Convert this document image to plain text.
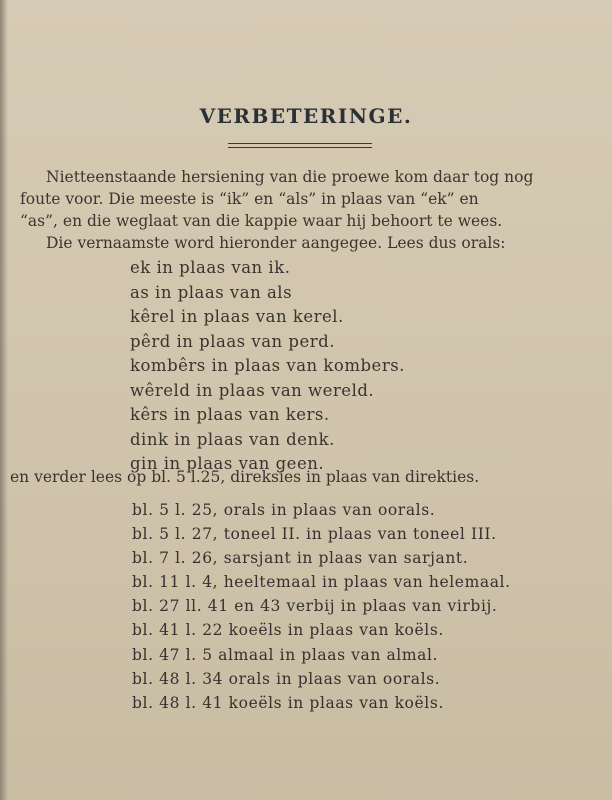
VERBETERINGE.
Nietteenstaande hersiening van die proewe kom daar tog nog
foute voor. Die meeste is “ik” en “als” in plaas van “ek” en
“as”, en die weglaat van die kappie waar hij behoort te wees.
Die vernaamste word hieronder aangegee. Lees dus orals:
ek in plaas van ik.
as in plaas van als
kêrel in plaas van kerel.
pêrd in plaas van perd.
kombêrs in plaas van kombers.
wêreld in plaas van wereld.
kêrs in plaas van kers.
dink in plaas van denk.
gin in plaas van geen.
en verder lees op bl. 5 l.25, direksies in plaas van direkties.
bl. 5 l. 25, orals in plaas van oorals.
bl. 5 l. 27, toneel II. in plaas van toneel III.
bl. 7 l. 26, sarsjant in plaas van sarjant.
bl. 11 l. 4, heeltemaal in plaas van helemaal.
bl. 27 ll. 41 en 43 verbij in plaas van virbij.
bl. 41 l. 22 koeëls in plaas van koëls.
bl. 47 l. 5 almaal in plaas van almal.
bl. 48 l. 34 orals in plaas van oorals.
bl. 48 l. 41 koeëls in plaas van koëls.
